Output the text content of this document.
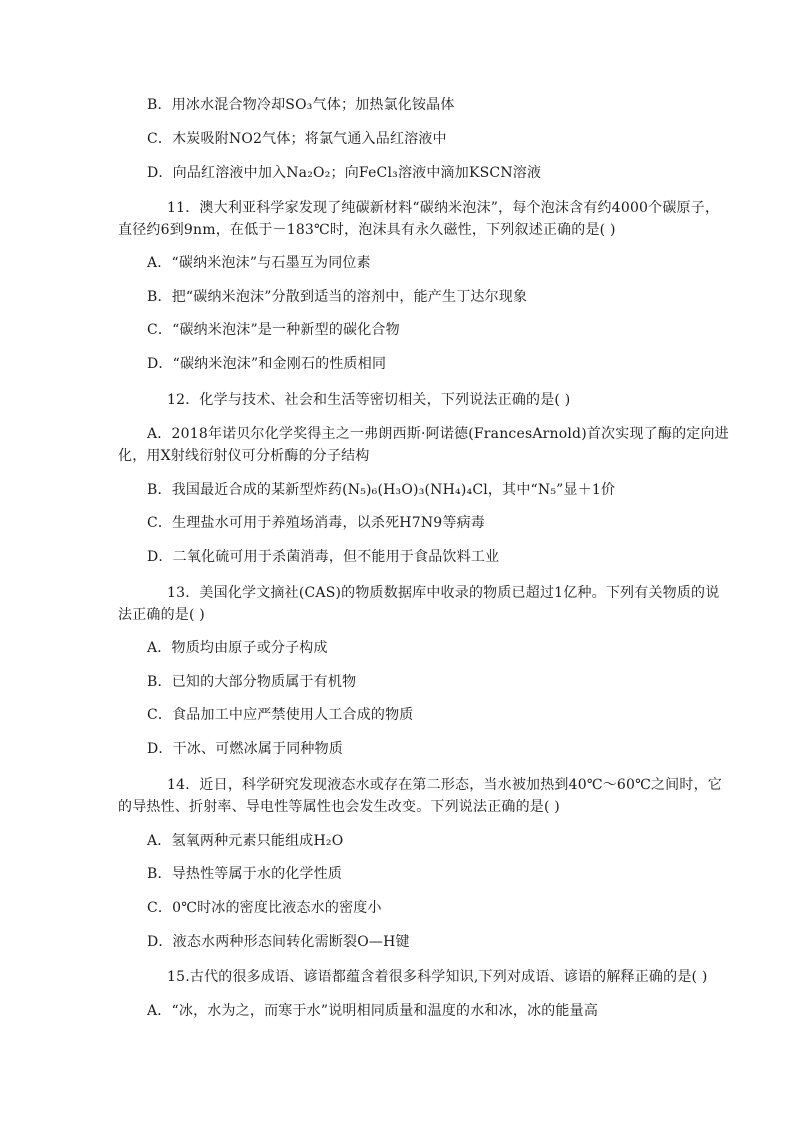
B．用冰水混合物冷却SO₃气体；加热氯化铵晶体
C．木炭吸附NO2气体；将氯气通入品红溶液中
D．向品红溶液中加入Na₂O₂；向FeCl₃溶液中滴加KSCN溶液
11．澳大利亚科学家发现了纯碳新材料“碳纳米泡沫”，每个泡沫含有约4000个碳原子，
直径约6到9nm，在低于－183℃时，泡沫具有永久磁性，下列叙述正确的是( )
A．“碳纳米泡沫”与石墨互为同位素
B．把“碳纳米泡沫”分散到适当的溶剂中，能产生丁达尔现象
C．“碳纳米泡沫”是一种新型的碳化合物
D．“碳纳米泡沫”和金刚石的性质相同
12．化学与技术、社会和生活等密切相关，下列说法正确的是( )
A．2018年诺贝尔化学奖得主之一弗朗西斯·阿诺德(FrancesArnold)首次实现了酶的定向进
化，用X射线衍射仪可分析酶的分子结构
B．我国最近合成的某新型炸药(N₅)₆(H₃O)₃(NH₄)₄Cl，其中“N₅”显＋1价
C．生理盐水可用于养殖场消毒，以杀死H7N9等病毒
D．二氧化硫可用于杀菌消毒，但不能用于食品饮料工业
13．美国化学文摘社(CAS)的物质数据库中收录的物质已超过1亿种。下列有关物质的说
法正确的是( )
A．物质均由原子或分子构成
B．已知的大部分物质属于有机物
C．食品加工中应严禁使用人工合成的物质
D．干冰、可燃冰属于同种物质
14．近日，科学研究发现液态水或存在第二形态，当水被加热到40℃～60℃之间时，它
的导热性、折射率、导电性等属性也会发生改变。下列说法正确的是( )
A．氢氧两种元素只能组成H₂O
B．导热性等属于水的化学性质
C．0℃时冰的密度比液态水的密度小
D．液态水两种形态间转化需断裂O—H键
15.古代的很多成语、谚语都蕴含着很多科学知识,下列对成语、谚语的解释正确的是( )
A．“冰，水为之，而寒于水”说明相同质量和温度的水和冰，冰的能量高
